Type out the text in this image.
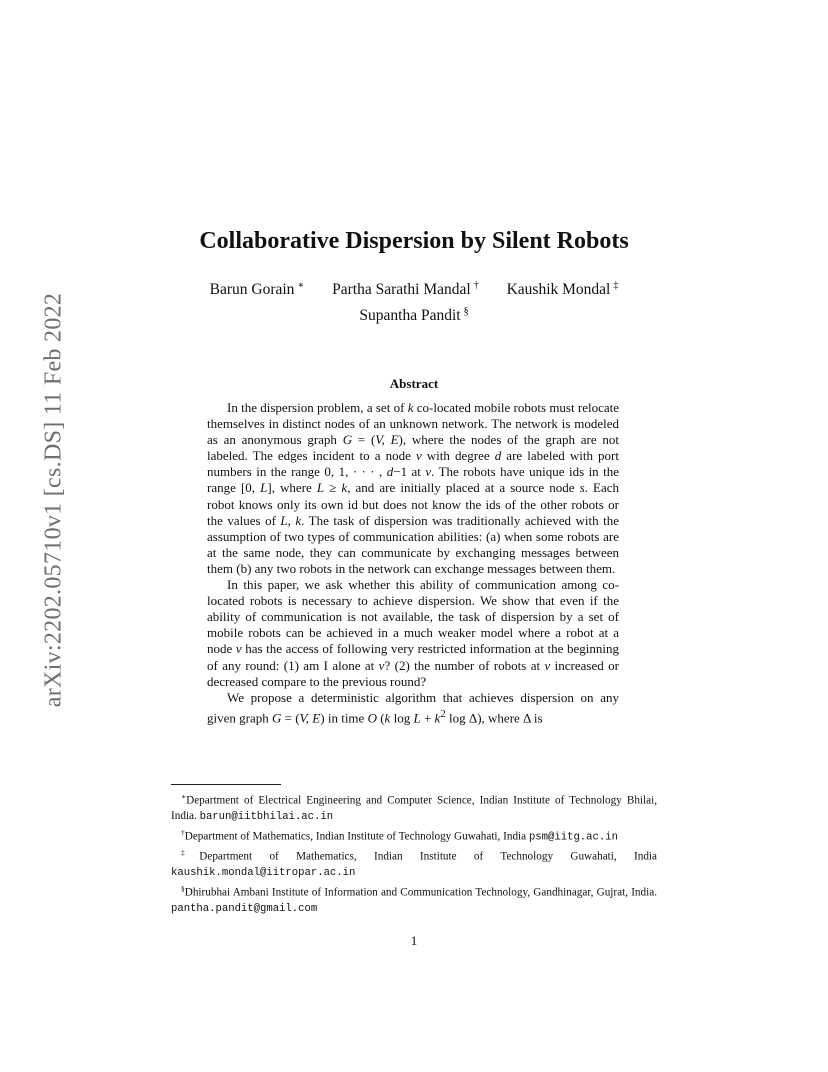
arXiv:2202.05710v1 [cs.DS] 11 Feb 2022
Collaborative Dispersion by Silent Robots
Barun Gorain ∗ Partha Sarathi Mandal † Kaushik Mondal ‡
Supantha Pandit §
Abstract

In the dispersion problem, a set of k co-located mobile robots must relocate themselves in distinct nodes of an unknown network. The network is modeled as an anonymous graph G = (V, E), where the nodes of the graph are not labeled. The edges incident to a node v with degree d are labeled with port numbers in the range 0, 1, · · · , d−1 at v. The robots have unique ids in the range [0, L], where L ≥ k, and are initially placed at a source node s. Each robot knows only its own id but does not know the ids of the other robots or the values of L, k. The task of dispersion was traditionally achieved with the assumption of two types of communication abilities: (a) when some robots are at the same node, they can communicate by exchanging messages between them (b) any two robots in the network can exchange messages between them.

In this paper, we ask whether this ability of communication among co-located robots is necessary to achieve dispersion. We show that even if the ability of communication is not available, the task of dispersion by a set of mobile robots can be achieved in a much weaker model where a robot at a node v has the access of following very restricted information at the beginning of any round: (1) am I alone at v? (2) the number of robots at v increased or decreased compare to the previous round?

We propose a deterministic algorithm that achieves dispersion on any given graph G = (V, E) in time O (k $\log L + k^2$ log Δ), where Δ is

∗Department of Electrical Engineering and Computer Science, Indian Institute of Technology Bhilai, India. barun@iitbhilai.ac.in

†Department of Mathematics, Indian Institute of Technology Guwahati, India psm@iitg.ac.in

‡Department of Mathematics, Indian Institute of Technology Guwahati, India kaushik.mondal@iitropar.ac.in

§Dhirubhai Ambani Institute of Information and Communication Technology, Gandhinagar, Gujrat, India. pantha.pandit@gmail.com

1
